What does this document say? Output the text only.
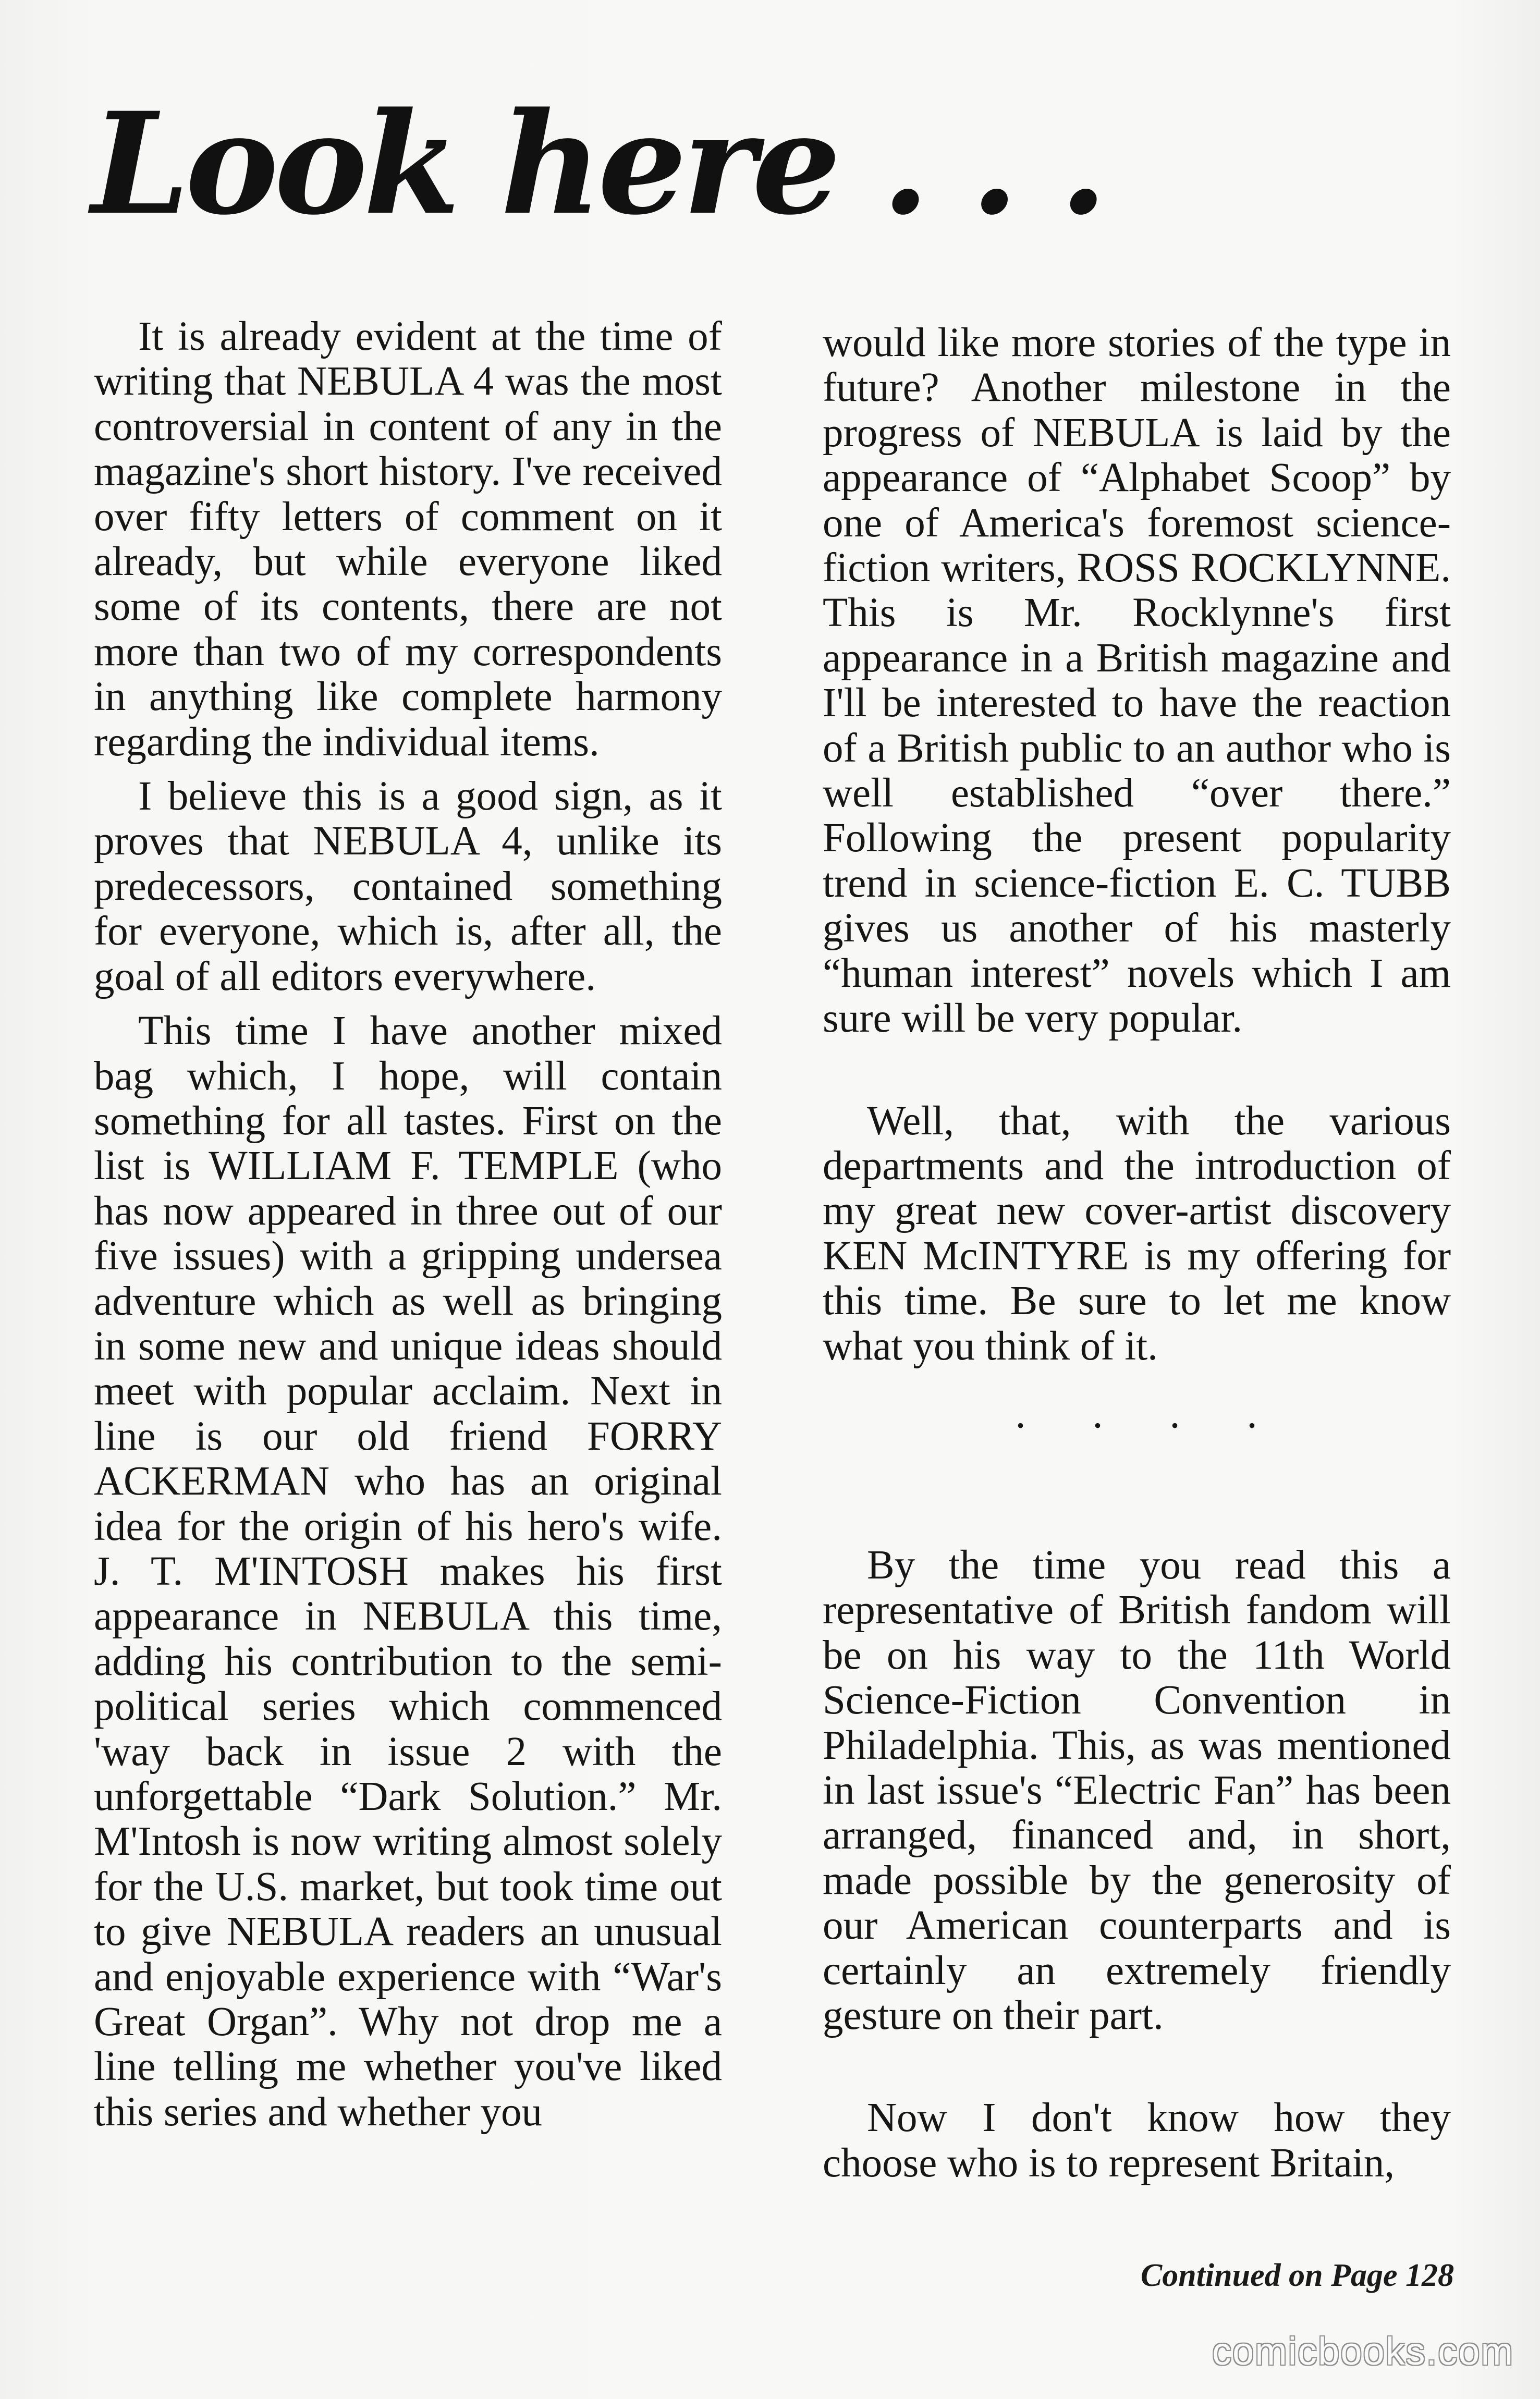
Look here . . .

It is already evident at the time of writing that NEBULA 4 was the most controversial in content of any in the magazine's short history. I've received over fifty letters of comment on it already, but while everyone liked some of its contents, there are not more than two of my correspondents in anything like complete harmony regarding the individual items.

I believe this is a good sign, as it proves that NEBULA 4, unlike its predecessors, contained something for everyone, which is, after all, the goal of all editors everywhere.

This time I have another mixed bag which, I hope, will contain something for all tastes. First on the list is WILLIAM F. TEMPLE (who has now appeared in three out of our five issues) with a gripping undersea adventure which as well as bringing in some new and unique ideas should meet with popular acclaim. Next in line is our old friend FORRY ACKERMAN who has an original idea for the origin of his hero's wife. J. T. M'INTOSH makes his first appearance in NEBULA this time, adding his contribution to the semi-political series which commenced 'way back in issue 2 with the unforgettable “Dark Solution.” Mr. M'Intosh is now writing almost solely for the U.S. market, but took time out to give NEBULA readers an unusual and enjoyable experience with “War's Great Organ”. Why not drop me a line telling me whether you've liked this series and whether you

would like more stories of the type in future? Another milestone in the progress of NEBULA is laid by the appearance of “Alphabet Scoop” by one of America's foremost science-fiction writers, ROSS ROCKLYNNE. This is Mr. Rocklynne's first appearance in a British magazine and I'll be interested to have the reaction of a British public to an author who is well established “over there.” Following the present popularity trend in science-fiction E. C. TUBB gives us another of his masterly “human interest” novels which I am sure will be very popular.

Well, that, with the various departments and the introduction of my great new cover-artist discovery KEN McINTYRE is my offering for this time. Be sure to let me know what you think of it.

• • • •

By the time you read this a representative of British fandom will be on his way to the 11th World Science-Fiction Convention in Philadelphia. This, as was mentioned in last issue's “Electric Fan” has been arranged, financed and, in short, made possible by the generosity of our American counterparts and is certainly an extremely friendly gesture on their part.

Now I don't know how they choose who is to represent Britain,

Continued on Page 128
comicbooks.com
